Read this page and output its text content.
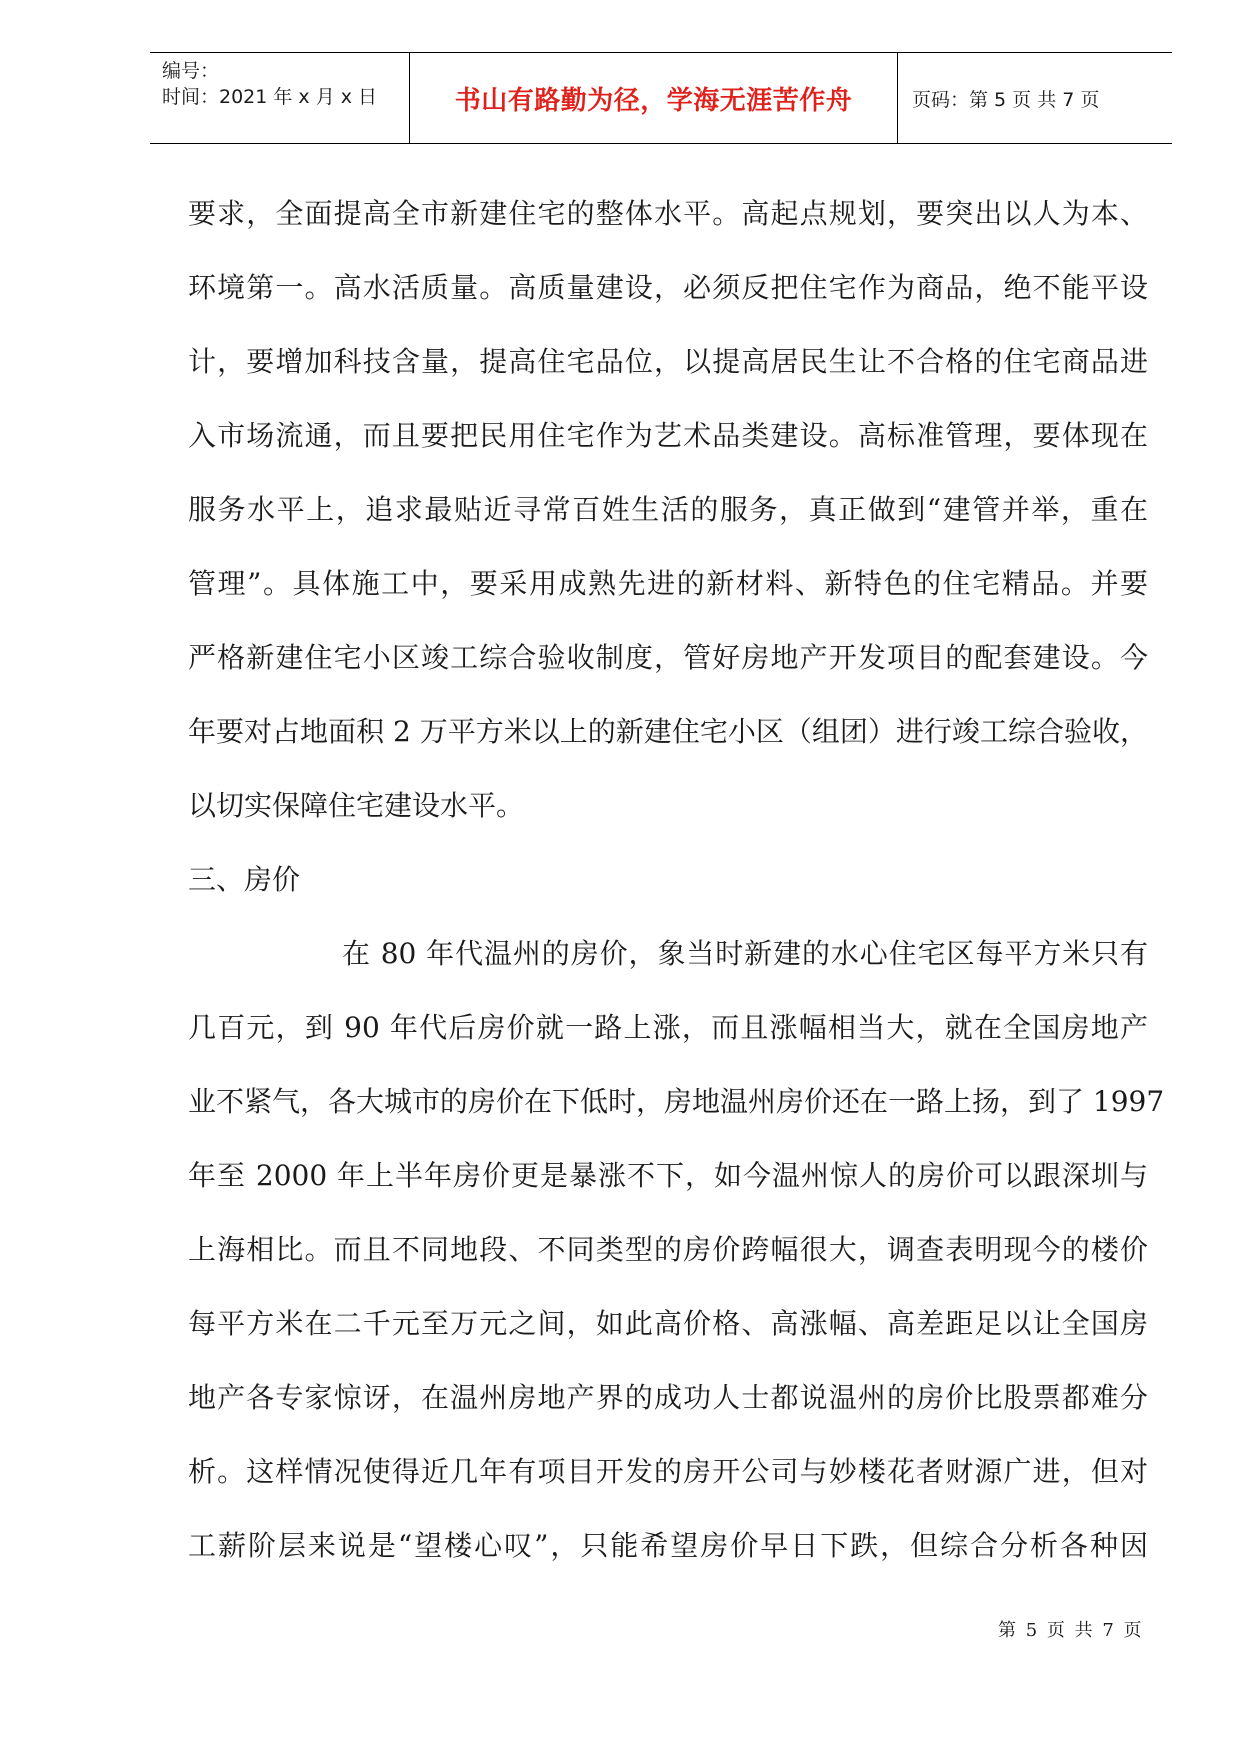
编号：
时间：2021 年 x 月 x 日	书山有路勤为径，学海无涯苦作舟	页码：第 5 页 共 7 页
要求，全面提高全市新建住宅的整体水平。高起点规划，要突出以人为本、
环境第一。高水活质量。高质量建设，必须反把住宅作为商品，绝不能平设
计，要增加科技含量，提高住宅品位，以提高居民生让不合格的住宅商品进
入市场流通，而且要把民用住宅作为艺术品类建设。高标准管理，要体现在
服务水平上，追求最贴近寻常百姓生活的服务，真正做到“建管并举，重在
管理”。具体施工中，要采用成熟先进的新材料、新特色的住宅精品。并要
严格新建住宅小区竣工综合验收制度，管好房地产开发项目的配套建设。今
年要对占地面积 2 万平方米以上的新建住宅小区（组团）进行竣工综合验收，
以切实保障住宅建设水平。
三、房价
在 80 年代温州的房价，象当时新建的水心住宅区每平方米只有
几百元，到 90 年代后房价就一路上涨，而且涨幅相当大，就在全国房地产
业不紧气，各大城市的房价在下低时，房地温州房价还在一路上扬，到了 1997
年至 2000 年上半年房价更是暴涨不下，如今温州惊人的房价可以跟深圳与
上海相比。而且不同地段、不同类型的房价跨幅很大，调查表明现今的楼价
每平方米在二千元至万元之间，如此高价格、高涨幅、高差距足以让全国房
地产各专家惊讶，在温州房地产界的成功人士都说温州的房价比股票都难分
析。这样情况使得近几年有项目开发的房开公司与妙楼花者财源广进，但对
工薪阶层来说是“望楼心叹”，只能希望房价早日下跌，但综合分析各种因
第 5 页 共 7 页
